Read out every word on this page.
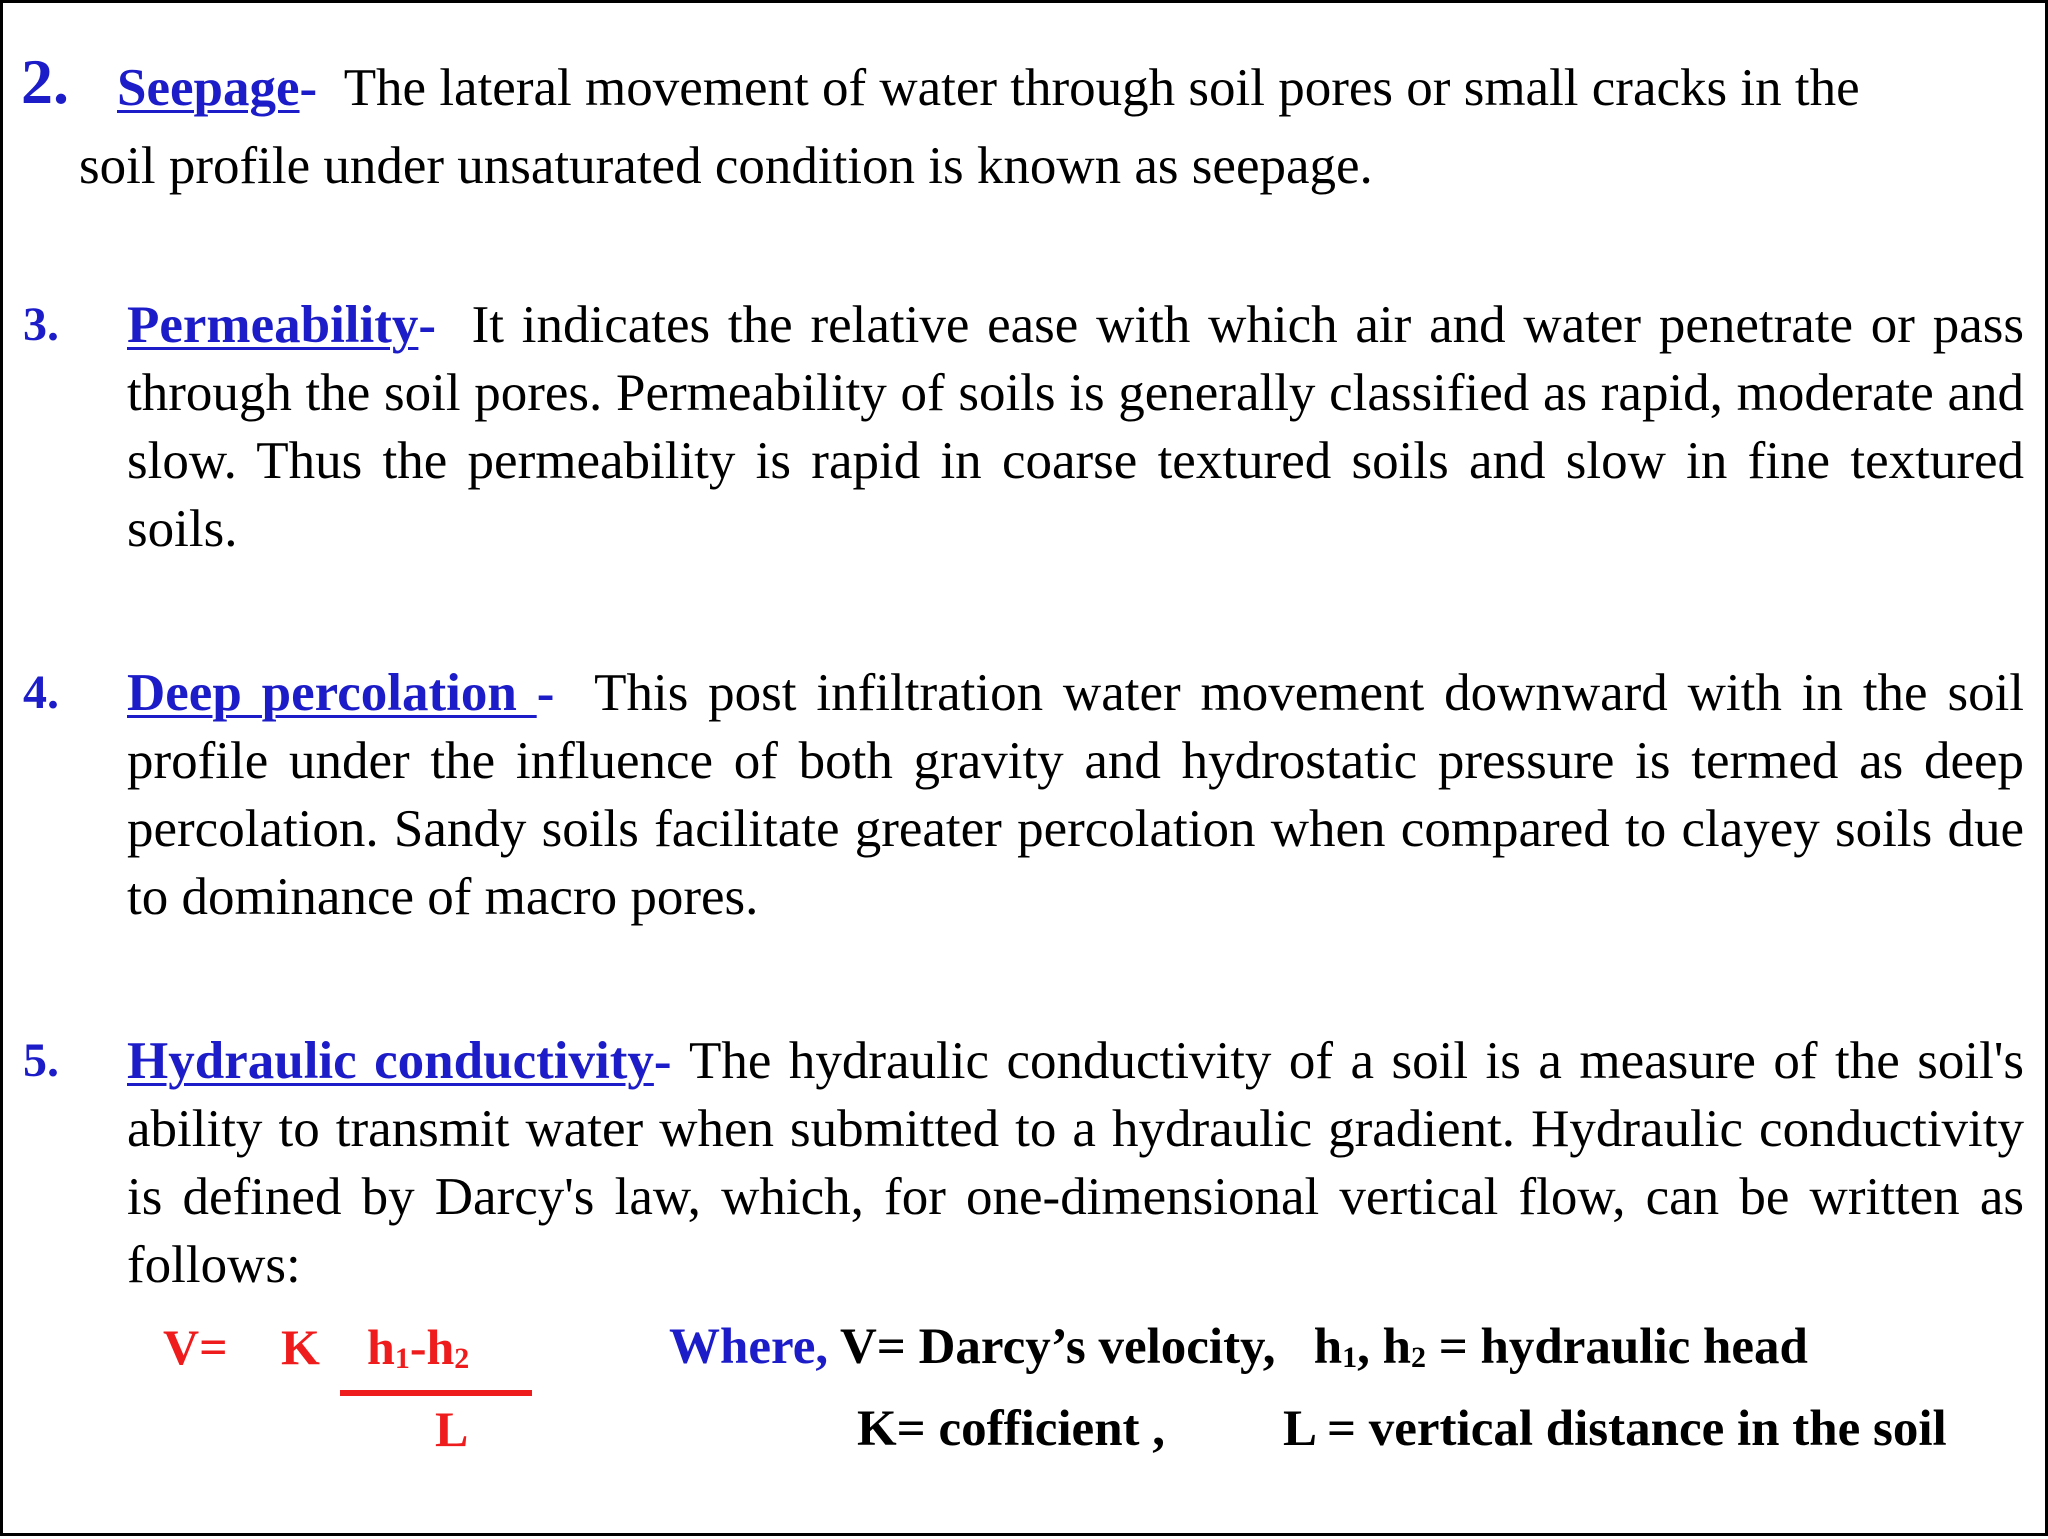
2. Seepage- The lateral movement of water through soil pores or small cracks in the
soil profile under unsaturated condition is known as seepage.

3. Permeability- It indicates the relative ease with which air and water penetrate or pass through the soil pores. Permeability of soils is generally classified as rapid, moderate and slow. Thus the permeability is rapid in coarse textured soils and slow in fine textured soils.

4. Deep percolation - This post infiltration water movement downward with in the soil profile under the influence of both gravity and hydrostatic pressure is termed as deep percolation. Sandy soils facilitate greater percolation when compared to clayey soils due to dominance of macro pores.

5. Hydraulic conductivity- The hydraulic conductivity of a soil is a measure of the soil's ability to transmit water when submitted to a hydraulic gradient. Hydraulic conductivity is defined by Darcy's law, which, for one-dimensional vertical flow, can be written as follows:

V= K $h_1-h_2$
L
Where, V= Darcy’s velocity, $h_1$, $h_2$ = hydraulic head
K= cofficient , L = vertical distance in the soil
